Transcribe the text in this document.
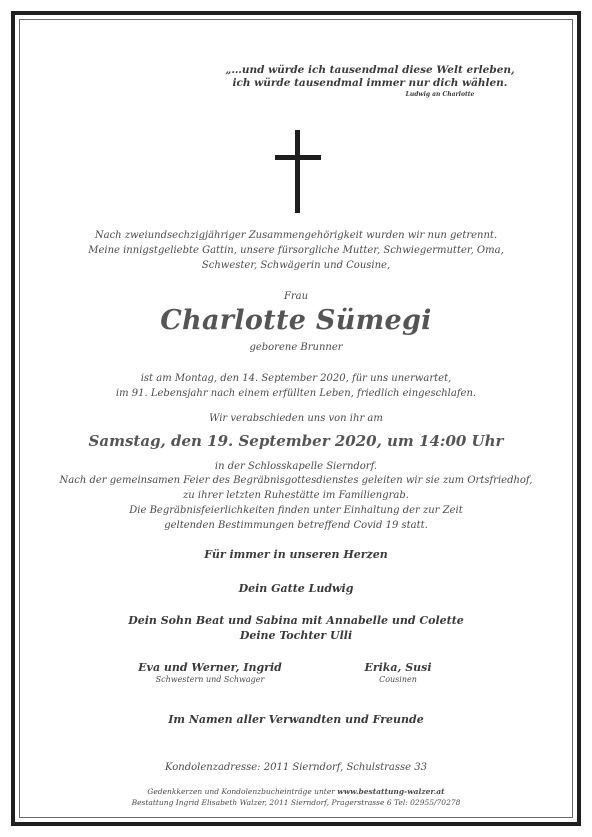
„…und würde ich tausendmal diese Welt erleben,
ich würde tausendmal immer nur dich wählen.
Ludwig an Charlotte
Nach zweiundsechzigjähriger Zusammengehörigkeit wurden wir nun getrennt.
Meine innigstgeliebte Gattin, unsere fürsorgliche Mutter, Schwiegermutter, Oma,
Schwester, Schwägerin und Cousine,
Frau
Charlotte Sümegi
geborene Brunner
ist am Montag, den 14. September 2020, für uns unerwartet,
im 91. Lebensjahr nach einem erfüllten Leben, friedlich eingeschlafen.
Wir verabschieden uns von ihr am
Samstag, den 19. September 2020, um 14:00 Uhr
in der Schlosskapelle Sierndorf.
Nach der gemeinsamen Feier des Begräbnisgottesdienstes geleiten wir sie zum Ortsfriedhof,
zu ihrer letzten Ruhestätte im Familiengrab.
Die Begräbnisfeierlichkeiten finden unter Einhaltung der zur Zeit
geltenden Bestimmungen betreffend Covid 19 statt.
Für immer in unseren Herzen
Dein Gatte Ludwig
Dein Sohn Beat und Sabina mit Annabelle und Colette
Deine Tochter Ulli
Eva und Werner, Ingrid
Schwestern und Schwager
Erika, Susi
Cousinen
Im Namen aller Verwandten und Freunde
Kondolenzadresse: 2011 Sierndorf, Schulstrasse 33
Gedenkkerzen und Kondolenzbucheinträge unter www.bestattung-walzer.at
Bestattung Ingrid Elisabeth Walzer, 2011 Sierndorf, Pragerstrasse 6 Tel: 02955/70278
